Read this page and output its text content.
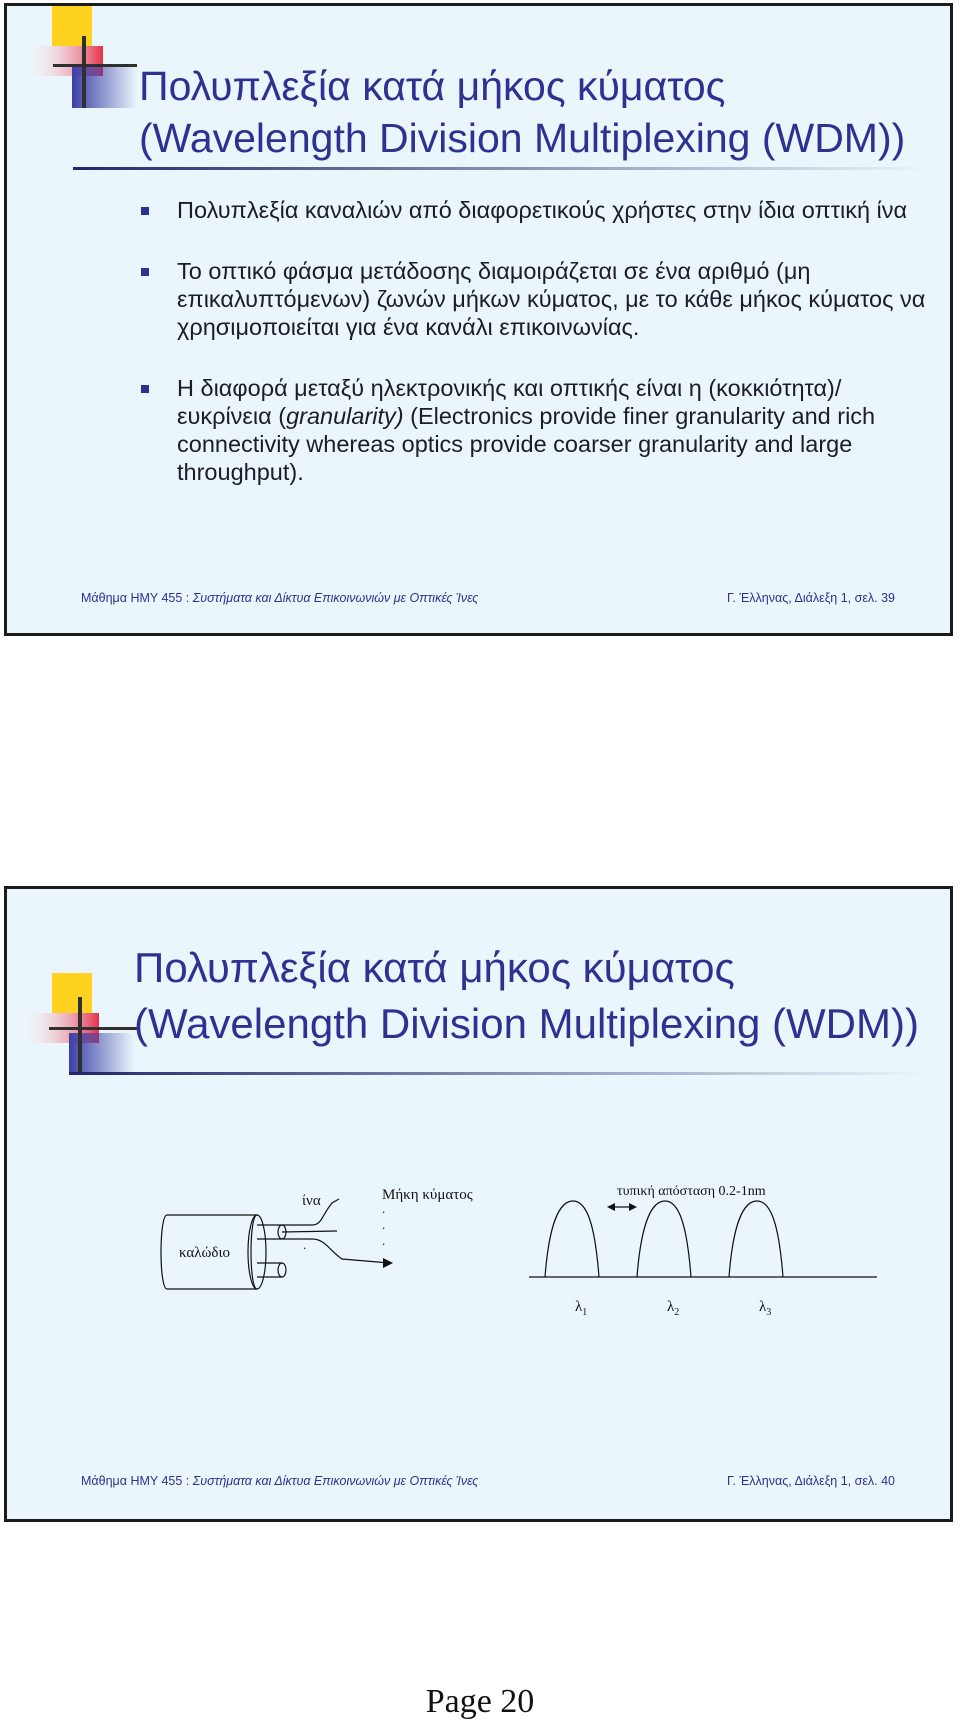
Πολυπλεξία κατά μήκος κύματος
(Wavelength Division Multiplexing (WDM))
Πολυπλεξία καναλιών από διαφορετικούς χρήστες στην ίδια οπτική ίνα
Το οπτικό φάσμα μετάδοσης διαμοιράζεται σε ένα αριθμό (μη επικαλυπτόμενων) ζωνών μήκων κύματος, με το κάθε μήκος κύματος να χρησιμοποιείται για ένα κανάλι επικοινωνίας.
Η διαφορά μεταξύ ηλεκτρονικής και οπτικής είναι η (κοκκιότητα)/ευκρίνεια (granularity) (Electronics provide finer granularity and rich connectivity whereas optics provide coarser granularity and large throughput).
Μάθημα ΗΜΥ 455 : Συστήματα και Δίκτυα Επικοινωνιών με Οπτικές Ίνες	Γ. Έλληνας, Διάλεξη 1, σελ. 39
Πολυπλεξία κατά μήκος κύματος
(Wavelength Division Multiplexing (WDM))
καλώδιο
ίνα
.
Μήκη κύματος
.
.
.
τυπική απόσταση 0.2-1nm
$\lambda_1$	$\lambda_2$	$\lambda_3$
Μάθημα ΗΜΥ 455 : Συστήματα και Δίκτυα Επικοινωνιών με Οπτικές Ίνες	Γ. Έλληνας, Διάλεξη 1, σελ. 40
Page 20
